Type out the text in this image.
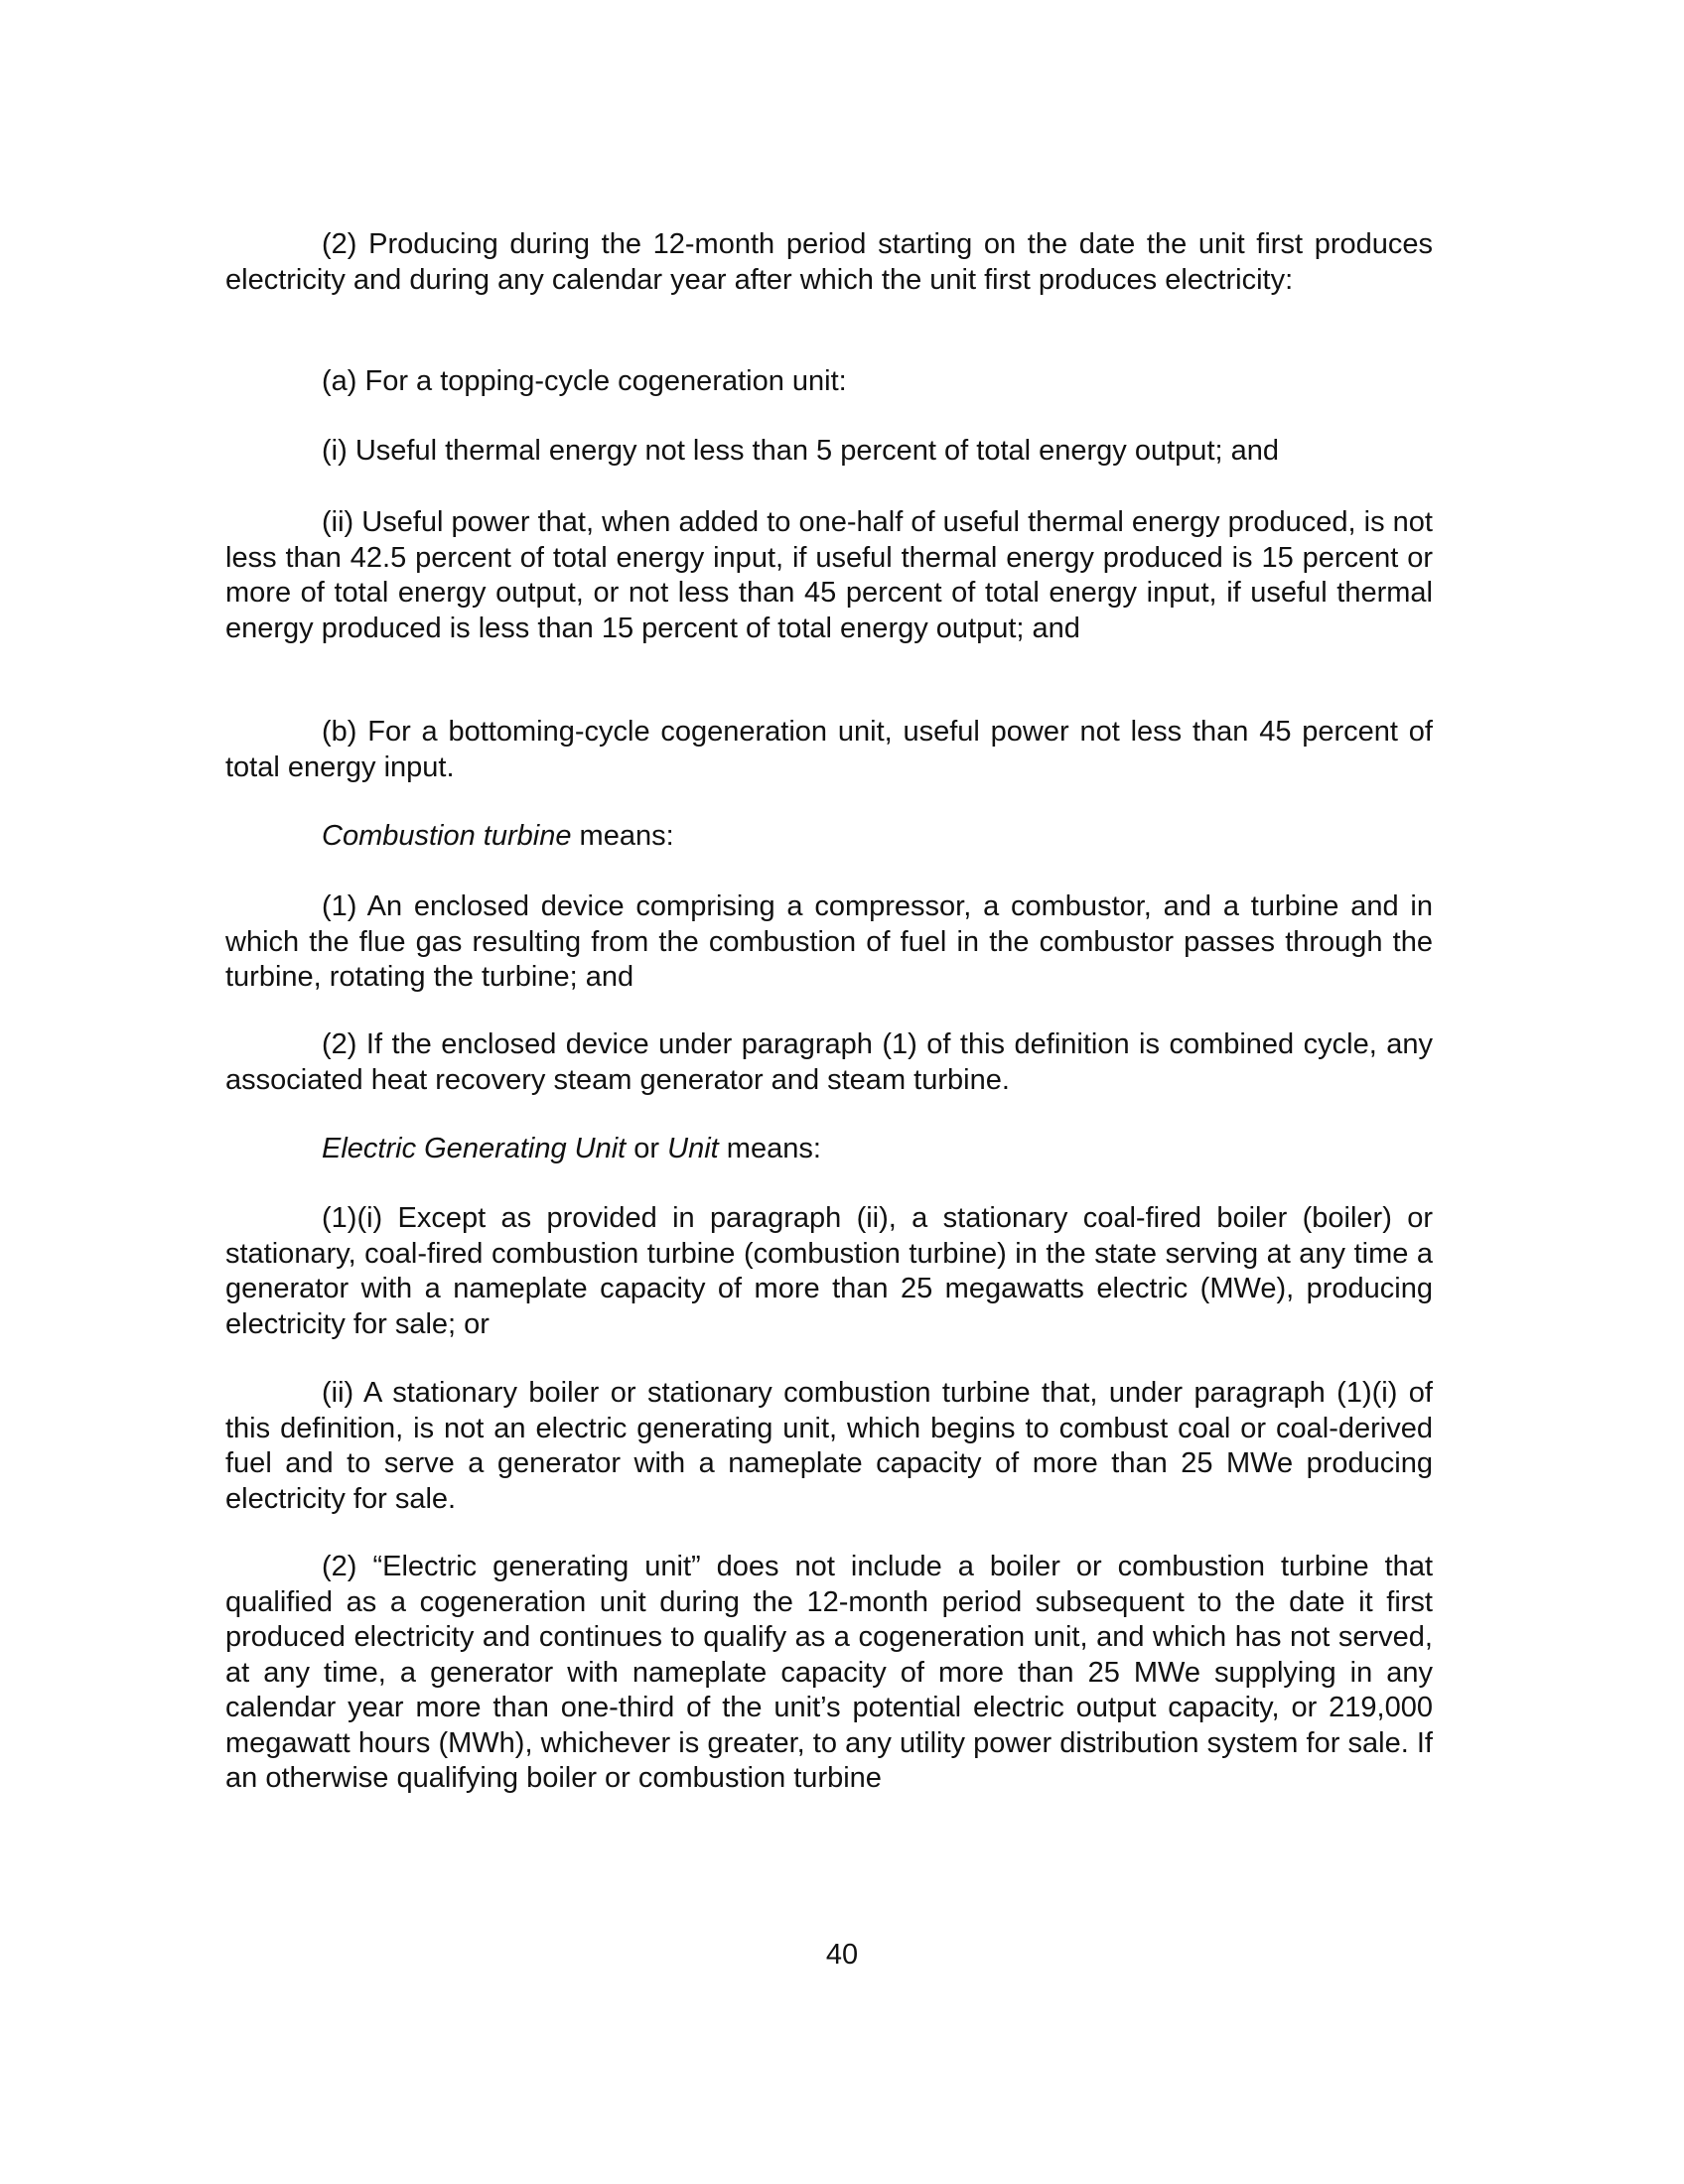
(2) Producing during the 12-month period starting on the date the unit first produces electricity and during any calendar year after which the unit first produces electricity:

(a) For a topping-cycle cogeneration unit:

(i) Useful thermal energy not less than 5 percent of total energy output; and

(ii) Useful power that, when added to one-half of useful thermal energy produced, is not less than 42.5 percent of total energy input, if useful thermal energy produced is 15 percent or more of total energy output, or not less than 45 percent of total energy input, if useful thermal energy produced is less than 15 percent of total energy output; and

(b) For a bottoming-cycle cogeneration unit, useful power not less than 45 percent of total energy input.

Combustion turbine means:

(1) An enclosed device comprising a compressor, a combustor, and a turbine and in which the flue gas resulting from the combustion of fuel in the combustor passes through the turbine, rotating the turbine; and

(2) If the enclosed device under paragraph (1) of this definition is combined cycle, any associated heat recovery steam generator and steam turbine.

Electric Generating Unit or Unit means:

(1)(i) Except as provided in paragraph (ii), a stationary coal-fired boiler (boiler) or stationary, coal-fired combustion turbine (combustion turbine) in the state serving at any time a generator with a nameplate capacity of more than 25 megawatts electric (MWe), producing electricity for sale; or

(ii) A stationary boiler or stationary combustion turbine that, under paragraph (1)(i) of this definition, is not an electric generating unit, which begins to combust coal or coal-derived fuel and to serve a generator with a nameplate capacity of more than 25 MWe producing electricity for sale.

(2) “Electric generating unit” does not include a boiler or combustion turbine that qualified as a cogeneration unit during the 12-month period subsequent to the date it first produced electricity and continues to qualify as a cogeneration unit, and which has not served, at any time, a generator with nameplate capacity of more than 25 MWe supplying in any calendar year more than one-third of the unit’s potential electric output capacity, or 219,000 megawatt hours (MWh), whichever is greater, to any utility power distribution system for sale. If an otherwise qualifying boiler or combustion turbine

40
